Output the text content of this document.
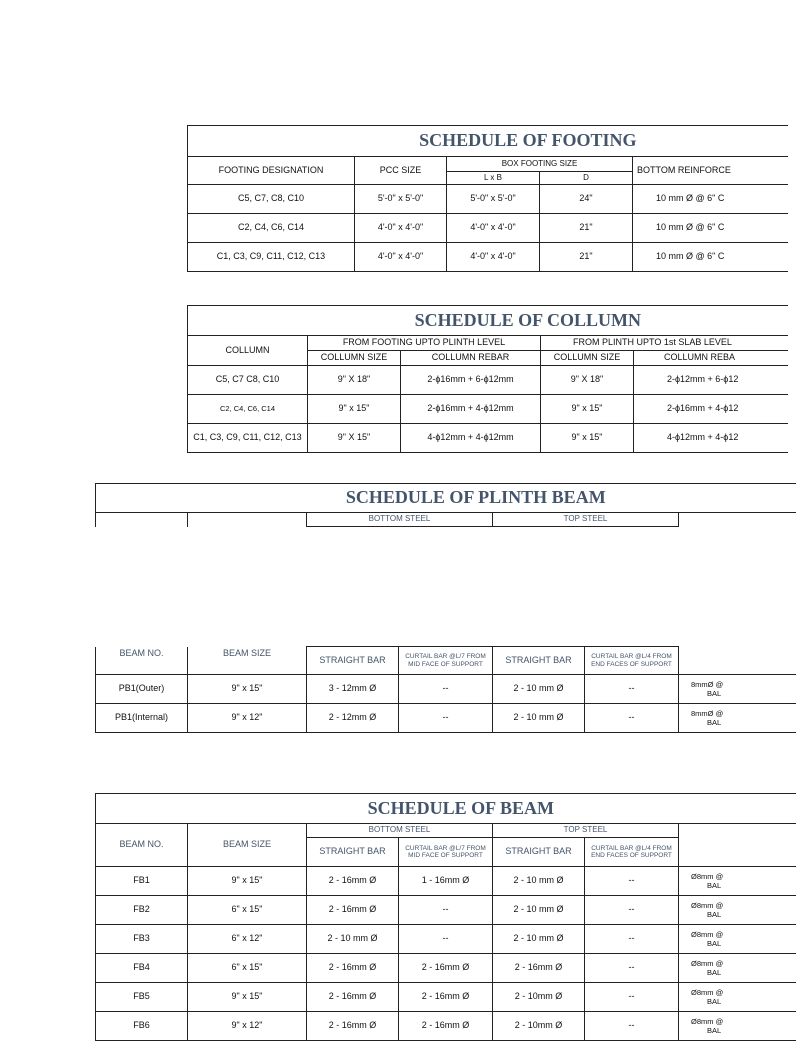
SCHEDULE OF FOOTING				
FOOTING DESIGNATION	PCC SIZE	BOX FOOTING SIZE		BOTTOM REINFORCE
		L x B	D	
C5, C7, C8, C10	5'-0" x 5'-0"	5'-0" x 5'-0"	24"	10 mm Ø @ 6" C
C2, C4, C6, C14	4'-0" x 4'-0"	4'-0" x 4'-0"	21"	10 mm Ø @ 6" C
C1, C3, C9, C11, C12, C13	4'-0" x 4'-0"	4'-0" x 4'-0"	21"	10 mm Ø @ 6" C
SCHEDULE OF COLLUMN				
COLLUMN	FROM FOOTING UPTO PLINTH LEVEL		FROM PLINTH UPTO 1st SLAB LEVEL	
	COLLUMN SIZE	COLLUMN REBAR	COLLUMN SIZE	COLLUMN REBA
C5, C7 C8, C10	9" X 18"	2-ϕ16mm + 6-ϕ12mm	9" X 18"	2-ϕ12mm + 6-ϕ12
C2, C4, C6, C14	9" x 15"	2-ϕ16mm + 4-ϕ12mm	9" x 15"	2-ϕ16mm + 4-ϕ12
C1, C3, C9, C11, C12, C13	9" X 15"	4-ϕ12mm + 4-ϕ12mm	9" x 15"	4-ϕ12mm + 4-ϕ12
SCHEDULE OF PLINTH BEAM
		BOTTOM STEEL	TOP STEEL	
BEAM NO.	BEAM SIZE	STRAIGHT BAR	CURTAIL BAR @L/7 FROM MID FACE OF SUPPORT	STRAIGHT BAR	CURTAIL BAR @L/4 FROM END FACES OF SUPPORT	
PB1(Outer)	9" x 15"	3 - 12mm Ø	--	2 - 10 mm Ø	--	8mmØ @
BAL
PB1(Internal)	9" x 12"	2 - 12mm Ø	--	2 - 10 mm Ø	--	8mmØ @
BAL
SCHEDULE OF BEAM						
BEAM NO.	BEAM SIZE	BOTTOM STEEL		TOP STEEL		
		STRAIGHT BAR	CURTAIL BAR @L/7 FROM MID FACE OF SUPPORT	STRAIGHT BAR	CURTAIL BAR @L/4 FROM END FACES OF SUPPORT	
FB1	9" x 15"	2 - 16mm Ø	1 - 16mm Ø	2 - 10 mm Ø	--	Ø8mm @
BAL
FB2	6" x 15"	2 - 16mm Ø	--	2 - 10 mm Ø	--	Ø8mm @
BAL
FB3	6" x 12"	2 - 10 mm Ø	--	2 - 10 mm Ø	--	Ø8mm @
BAL
FB4	6" x 15"	2 - 16mm Ø	2 - 16mm Ø	2 - 16mm Ø	--	Ø8mm @
BAL
FB5	9" x 15"	2 - 16mm Ø	2 - 16mm Ø	2 - 10mm Ø	--	Ø8mm @
BAL
FB6	9" x 12"	2 - 16mm Ø	2 - 16mm Ø	2 - 10mm Ø	--	Ø8mm @
BAL
